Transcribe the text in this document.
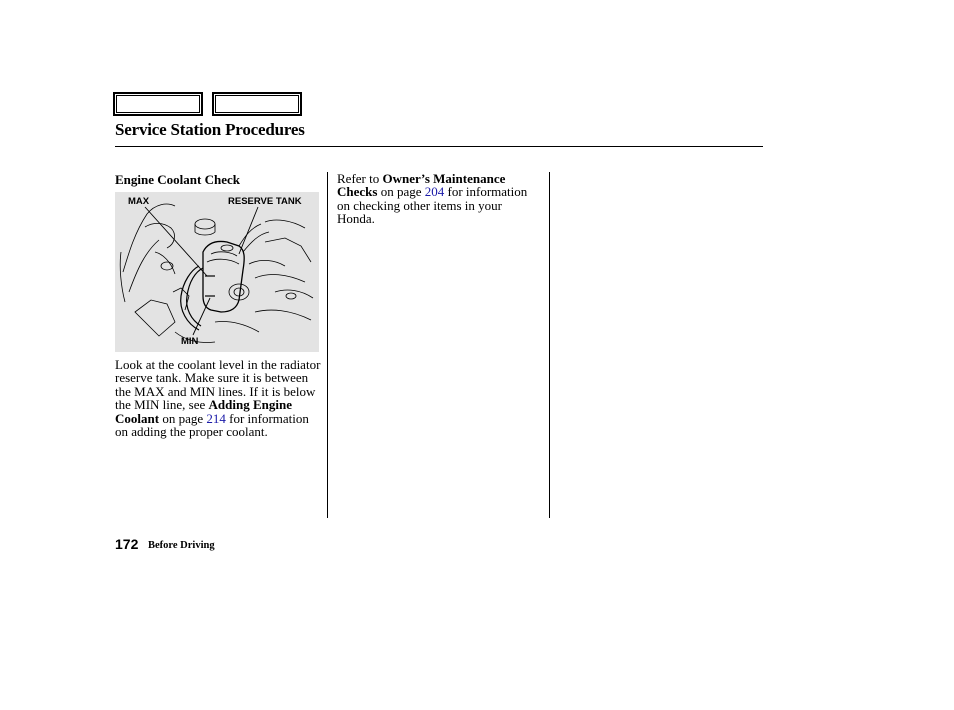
Service Station Procedures
Engine Coolant Check
MAX	RESERVE TANK
MIN
Look at the coolant level in the radiator reserve tank. Make sure it is between the MAX and MIN lines. If it is below the MIN line, see Adding Engine Coolant on page 214 for information on adding the proper coolant.
Refer to Owner’s Maintenance Checks on page 204 for information on checking other items in your Honda.
172 Before Driving
